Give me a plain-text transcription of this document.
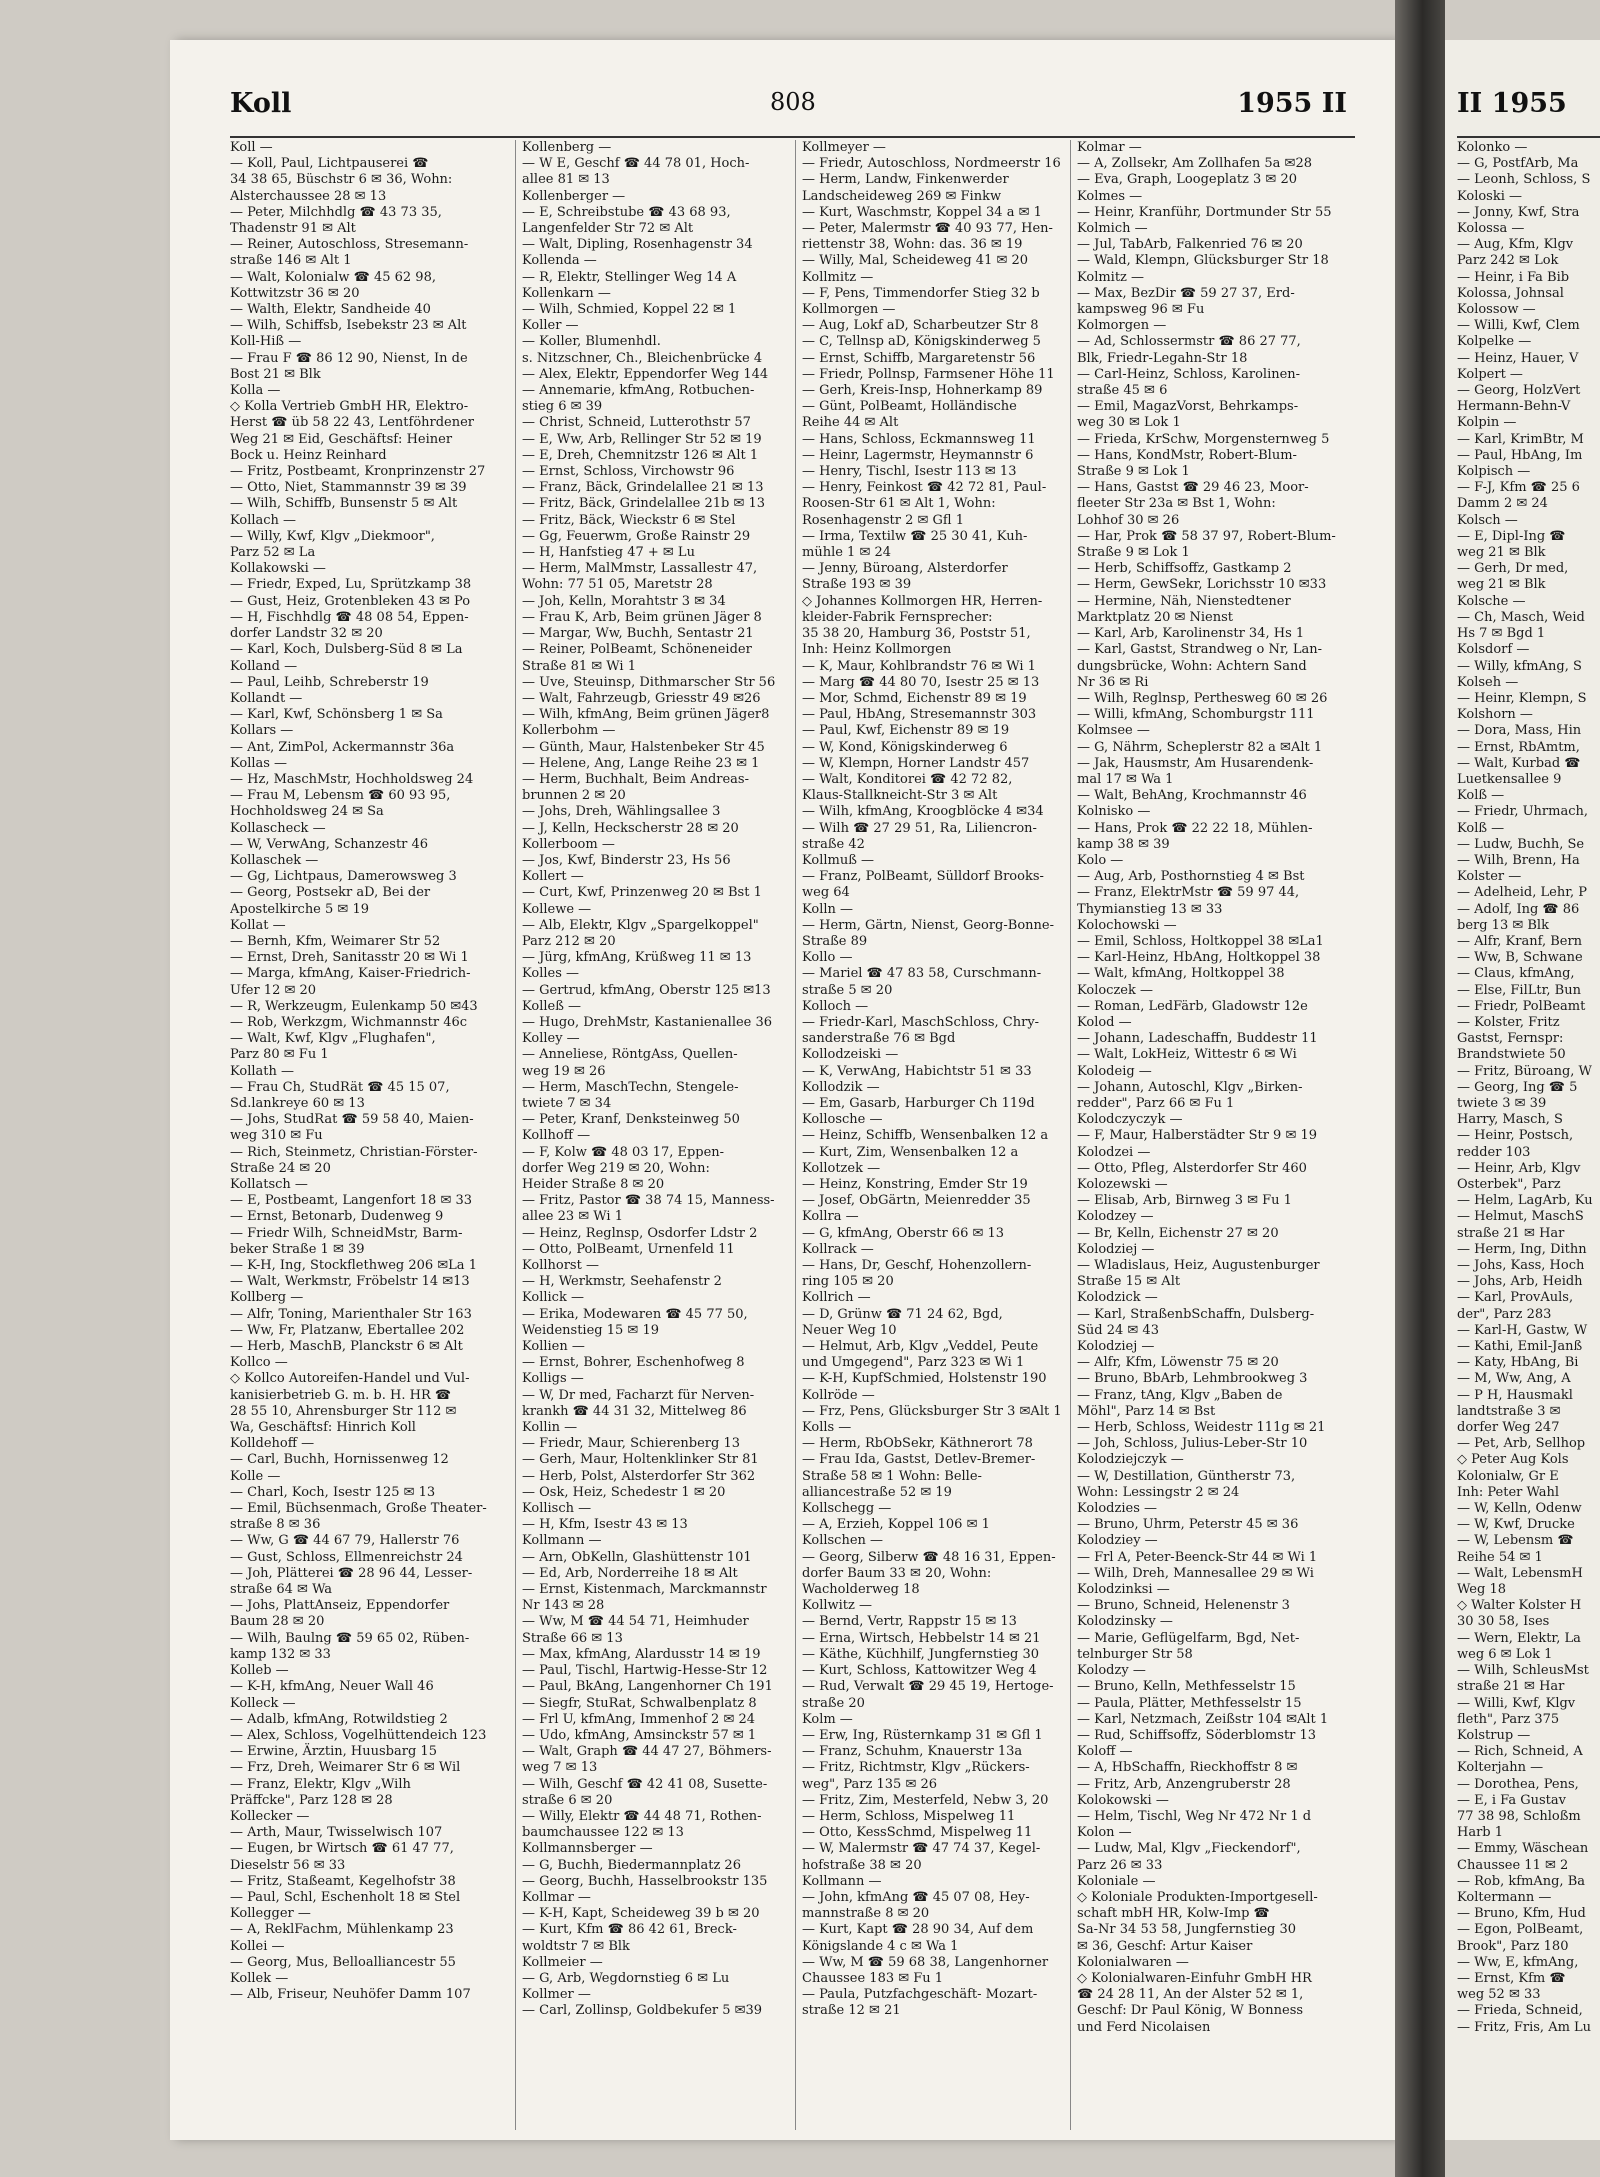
Koll	808	1955 II
Koll —
— Koll, Paul, Lichtpauserei ☎
34 38 65, Büschstr 6 ✉ 36, Wohn:
Alsterchaussee 28 ✉ 13
— Peter, Milchhdlg ☎ 43 73 35,
Thadenstr 91 ✉ Alt
— Reiner, Autoschloss, Stresemann-
straße 146 ✉ Alt 1
— Walt, Kolonialw ☎ 45 62 98,
Kottwitzstr 36 ✉ 20
— Walth, Elektr, Sandheide 40
— Wilh, Schiffsb, Isebekstr 23 ✉ Alt
Koll-Hiß —
— Frau F ☎ 86 12 90, Nienst, In de
Bost 21 ✉ Blk
Kolla —
◇ Kolla Vertrieb GmbH HR, Elektro-
Herst ☎ üb 58 22 43, Lentföhrdener
Weg 21 ✉ Eid, Geschäftsf: Heiner
Bock u. Heinz Reinhard
— Fritz, Postbeamt, Kronprinzenstr 27
— Otto, Niet, Stammannstr 39 ✉ 39
— Wilh, Schiffb, Bunsenstr 5 ✉ Alt
Kollach —
— Willy, Kwf, Klgv „Diekmoor",
Parz 52 ✉ La
Kollakowski —
— Friedr, Exped, Lu, Sprützkamp 38
— Gust, Heiz, Grotenbleken 43 ✉ Po
— H, Fischhdlg ☎ 48 08 54, Eppen-
dorfer Landstr 32 ✉ 20
— Karl, Koch, Dulsberg-Süd 8 ✉ La
Kolland —
— Paul, Leihb, Schreberstr 19
Kollandt —
— Karl, Kwf, Schönsberg 1 ✉ Sa
Kollars —
— Ant, ZimPol, Ackermannstr 36a
Kollas —
— Hz, MaschMstr, Hochholdsweg 24
— Frau M, Lebensm ☎ 60 93 95,
Hochholdsweg 24 ✉ Sa
Kollascheck —
— W, VerwAng, Schanzestr 46
Kollaschek —
— Gg, Lichtpaus, Damerowsweg 3
— Georg, Postsekr aD, Bei der
Apostelkirche 5 ✉ 19
Kollat —
— Bernh, Kfm, Weimarer Str 52
— Ernst, Dreh, Sanitasstr 20 ✉ Wi 1
— Marga, kfmAng, Kaiser-Friedrich-
Ufer 12 ✉ 20
— R, Werkzeugm, Eulenkamp 50 ✉43
— Rob, Werkzgm, Wichmannstr 46c
— Walt, Kwf, Klgv „Flughafen",
Parz 80 ✉ Fu 1
Kollath —
— Frau Ch, StudRät ☎ 45 15 07,
Sd.lankreye 60 ✉ 13
— Johs, StudRat ☎ 59 58 40, Maien-
weg 310 ✉ Fu
— Rich, Steinmetz, Christian-Förster-
Straße 24 ✉ 20
Kollatsch —
— E, Postbeamt, Langenfort 18 ✉ 33
— Ernst, Betonarb, Dudenweg 9
— Friedr Wilh, SchneidMstr, Barm-
beker Straße 1 ✉ 39
— K-H, Ing, Stockflethweg 206 ✉La 1
— Walt, Werkmstr, Fröbelstr 14 ✉13
Kollberg —
— Alfr, Toning, Marienthaler Str 163
— Ww, Fr, Platzanw, Ebertallee 202
— Herb, MaschB, Planckstr 6 ✉ Alt
Kollco —
◇ Kollco Autoreifen-Handel und Vul-
kanisierbetrieb G. m. b. H. HR ☎
28 55 10, Ahrensburger Str 112 ✉
Wa, Geschäftsf: Hinrich Koll
Kolldehoff —
— Carl, Buchh, Hornissenweg 12
Kolle —
— Charl, Koch, Isestr 125 ✉ 13
— Emil, Büchsenmach, Große Theater-
straße 8 ✉ 36
— Ww, G ☎ 44 67 79, Hallerstr 76
— Gust, Schloss, Ellmenreichstr 24
— Joh, Plätterei ☎ 28 96 44, Lesser-
straße 64 ✉ Wa
— Johs, PlattAnseiz, Eppendorfer
Baum 28 ✉ 20
— Wilh, Baulng ☎ 59 65 02, Rüben-
kamp 132 ✉ 33
Kolleb —
— K-H, kfmAng, Neuer Wall 46
Kolleck —
— Adalb, kfmAng, Rotwildstieg 2
— Alex, Schloss, Vogelhüttendeich 123
— Erwine, Ärztin, Huusbarg 15
— Frz, Dreh, Weimarer Str 6 ✉ Wil
— Franz, Elektr, Klgv „Wilh
Präffcke", Parz 128 ✉ 28
Kollecker —
— Arth, Maur, Twisselwisch 107
— Eugen, br Wirtsch ☎ 61 47 77,
Dieselstr 56 ✉ 33
— Fritz, Staßeamt, Kegelhofstr 38
— Paul, Schl, Eschenholt 18 ✉ Stel
Kollegger —
— A, ReklFachm, Mühlenkamp 23
Kollei —
— Georg, Mus, Belloalliancestr 55
Kollek —
— Alb, Friseur, Neuhöfer Damm 107
Kollenberg —
— W E, Geschf ☎ 44 78 01, Hoch-
allee 81 ✉ 13
Kollenberger —
— E, Schreibstube ☎ 43 68 93,
Langenfelder Str 72 ✉ Alt
— Walt, Dipling, Rosenhagenstr 34
Kollenda —
— R, Elektr, Stellinger Weg 14 A
Kollenkarn —
— Wilh, Schmied, Koppel 22 ✉ 1
Koller —
— Koller, Blumenhdl.
s. Nitzschner, Ch., Bleichenbrücke 4
— Alex, Elektr, Eppendorfer Weg 144
— Annemarie, kfmAng, Rotbuchen-
stieg 6 ✉ 39
— Christ, Schneid, Lutterothstr 57
— E, Ww, Arb, Rellinger Str 52 ✉ 19
— E, Dreh, Chemnitzstr 126 ✉ Alt 1
— Ernst, Schloss, Virchowstr 96
— Franz, Bäck, Grindelallee 21 ✉ 13
— Fritz, Bäck, Grindelallee 21b ✉ 13
— Fritz, Bäck, Wieckstr 6 ✉ Stel
— Gg, Feuerwm, Große Rainstr 29
— H, Hanfstieg 47 + ✉ Lu
— Herm, MalMmstr, Lassallestr 47,
Wohn: 77 51 05, Maretstr 28
— Joh, Kelln, Morahtstr 3 ✉ 34
— Frau K, Arb, Beim grünen Jäger 8
— Margar, Ww, Buchh, Sentastr 21
— Reiner, PolBeamt, Schöneneider
Straße 81 ✉ Wi 1
— Uve, Steuinsp, Dithmarscher Str 56
— Walt, Fahrzeugb, Griesstr 49 ✉26
— Wilh, kfmAng, Beim grünen Jäger8
Kollerbohm —
— Günth, Maur, Halstenbeker Str 45
— Helene, Ang, Lange Reihe 23 ✉ 1
— Herm, Buchhalt, Beim Andreas-
brunnen 2 ✉ 20
— Johs, Dreh, Wählingsallee 3
— J, Kelln, Heckscherstr 28 ✉ 20
Kollerboom —
— Jos, Kwf, Binderstr 23, Hs 56
Kollert —
— Curt, Kwf, Prinzenweg 20 ✉ Bst 1
Kollewe —
— Alb, Elektr, Klgv „Spargelkoppel"
Parz 212 ✉ 20
— Jürg, kfmAng, Krüßweg 11 ✉ 13
Kolles —
— Gertrud, kfmAng, Oberstr 125 ✉13
Kolleß —
— Hugo, DrehMstr, Kastanienallee 36
Kolley —
— Anneliese, RöntgAss, Quellen-
weg 19 ✉ 26
— Herm, MaschTechn, Stengele-
twiete 7 ✉ 34
— Peter, Kranf, Denksteinweg 50
Kollhoff —
— F, Kolw ☎ 48 03 17, Eppen-
dorfer Weg 219 ✉ 20, Wohn:
Heider Straße 8 ✉ 20
— Fritz, Pastor ☎ 38 74 15, Manness-
allee 23 ✉ Wi 1
— Heinz, Reglnsp, Osdorfer Ldstr 2
— Otto, PolBeamt, Urnenfeld 11
Kollhorst —
— H, Werkmstr, Seehafenstr 2
Kollick —
— Erika, Modewaren ☎ 45 77 50,
Weidenstieg 15 ✉ 19
Kollien —
— Ernst, Bohrer, Eschenhofweg 8
Kolligs —
— W, Dr med, Facharzt für Nerven-
krankh ☎ 44 31 32, Mittelweg 86
Kollin —
— Friedr, Maur, Schierenberg 13
— Gerh, Maur, Holtenklinker Str 81
— Herb, Polst, Alsterdorfer Str 362
— Osk, Heiz, Schedestr 1 ✉ 20
Kollisch —
— H, Kfm, Isestr 43 ✉ 13
Kollmann —
— Arn, ObKelln, Glashüttenstr 101
— Ed, Arb, Norderreihe 18 ✉ Alt
— Ernst, Kistenmach, Marckmannstr
Nr 143 ✉ 28
— Ww, M ☎ 44 54 71, Heimhuder
Straße 66 ✉ 13
— Max, kfmAng, Alardusstr 14 ✉ 19
— Paul, Tischl, Hartwig-Hesse-Str 12
— Paul, BkAng, Langenhorner Ch 191
— Siegfr, StuRat, Schwalbenplatz 8
— Frl U, kfmAng, Immenhof 2 ✉ 24
— Udo, kfmAng, Amsinckstr 57 ✉ 1
— Walt, Graph ☎ 44 47 27, Böhmers-
weg 7 ✉ 13
— Wilh, Geschf ☎ 42 41 08, Susette-
straße 6 ✉ 20
— Willy, Elektr ☎ 44 48 71, Rothen-
baumchaussee 122 ✉ 13
Kollmannsberger —
— G, Buchh, Biedermannplatz 26
— Georg, Buchh, Hasselbrookstr 135
Kollmar —
— K-H, Kapt, Scheideweg 39 b ✉ 20
— Kurt, Kfm ☎ 86 42 61, Breck-
woldtstr 7 ✉ Blk
Kollmeier —
— G, Arb, Wegdornstieg 6 ✉ Lu
Kollmer —
— Carl, Zollinsp, Goldbekufer 5 ✉39
Kollmeyer —
— Friedr, Autoschloss, Nordmeerstr 16
— Herm, Landw, Finkenwerder
Landscheideweg 269 ✉ Finkw
— Kurt, Waschmstr, Koppel 34 a ✉ 1
— Peter, Malermstr ☎ 40 93 77, Hen-
riettenstr 38, Wohn: das. 36 ✉ 19
— Willy, Mal, Scheideweg 41 ✉ 20
Kollmitz —
— F, Pens, Timmendorfer Stieg 32 b
Kollmorgen —
— Aug, Lokf aD, Scharbeutzer Str 8
— C, Tellnsp aD, Königskinderweg 5
— Ernst, Schiffb, Margaretenstr 56
— Friedr, Pollnsp, Farmsener Höhe 11
— Gerh, Kreis-Insp, Hohnerkamp 89
— Günt, PolBeamt, Holländische
Reihe 44 ✉ Alt
— Hans, Schloss, Eckmannsweg 11
— Heinr, Lagermstr, Heymannstr 6
— Henry, Tischl, Isestr 113 ✉ 13
— Henry, Feinkost ☎ 42 72 81, Paul-
Roosen-Str 61 ✉ Alt 1, Wohn:
Rosenhagenstr 2 ✉ Gfl 1
— Irma, Textilw ☎ 25 30 41, Kuh-
mühle 1 ✉ 24
— Jenny, Büroang, Alsterdorfer
Straße 193 ✉ 39
◇ Johannes Kollmorgen HR, Herren-
kleider-Fabrik Fernsprecher:
35 38 20, Hamburg 36, Poststr 51,
Inh: Heinz Kollmorgen
— K, Maur, Kohlbrandstr 76 ✉ Wi 1
— Marg ☎ 44 80 70, Isestr 25 ✉ 13
— Mor, Schmd, Eichenstr 89 ✉ 19
— Paul, HbAng, Stresemannstr 303
— Paul, Kwf, Eichenstr 89 ✉ 19
— W, Kond, Königskinderweg 6
— W, Klempn, Horner Landstr 457
— Walt, Konditorei ☎ 42 72 82,
Klaus-Stallkneicht-Str 3 ✉ Alt
— Wilh, kfmAng, Kroogblöcke 4 ✉34
— Wilh ☎ 27 29 51, Ra, Liliencron-
straße 42
Kollmuß —
— Franz, PolBeamt, Sülldorf Brooks-
weg 64
Kolln —
— Herm, Gärtn, Nienst, Georg-Bonne-
Straße 89
Kollo —
— Mariel ☎ 47 83 58, Curschmann-
straße 5 ✉ 20
Kolloch —
— Friedr-Karl, MaschSchloss, Chry-
sanderstraße 76 ✉ Bgd
Kollodzeiski —
— K, VerwAng, Habichtstr 51 ✉ 33
Kollodzik —
— Em, Gasarb, Harburger Ch 119d
Kollosche —
— Heinz, Schiffb, Wensenbalken 12 a
— Kurt, Zim, Wensenbalken 12 a
Kollotzek —
— Heinz, Konstring, Emder Str 19
— Josef, ObGärtn, Meienredder 35
Kollra —
— G, kfmAng, Oberstr 66 ✉ 13
Kollrack —
— Hans, Dr, Geschf, Hohenzollern-
ring 105 ✉ 20
Kollrich —
— D, Grünw ☎ 71 24 62, Bgd,
Neuer Weg 10
— Helmut, Arb, Klgv „Veddel, Peute
und Umgegend", Parz 323 ✉ Wi 1
— K-H, KupfSchmied, Holstenstr 190
Kollröde —
— Frz, Pens, Glücksburger Str 3 ✉Alt 1
Kolls —
— Herm, RbObSekr, Käthnerort 78
— Frau Ida, Gastst, Detlev-Bremer-
Straße 58 ✉ 1 Wohn: Belle-
alliancestraße 52 ✉ 19
Kollschegg —
— A, Erzieh, Koppel 106 ✉ 1
Kollschen —
— Georg, Silberw ☎ 48 16 31, Eppen-
dorfer Baum 33 ✉ 20, Wohn:
Wacholderweg 18
Kollwitz —
— Bernd, Vertr, Rappstr 15 ✉ 13
— Erna, Wirtsch, Hebbelstr 14 ✉ 21
— Käthe, Küchhilf, Jungfernstieg 30
— Kurt, Schloss, Kattowitzer Weg 4
— Rud, Verwalt ☎ 29 45 19, Hertoge-
straße 20
Kolm —
— Erw, Ing, Rüsternkamp 31 ✉ Gfl 1
— Franz, Schuhm, Knauerstr 13a
— Fritz, Richtmstr, Klgv „Rückers-
weg", Parz 135 ✉ 26
— Fritz, Zim, Mesterfeld, Nebw 3, 20
— Herm, Schloss, Mispelweg 11
— Otto, KessSchmd, Mispelweg 11
— W, Malermstr ☎ 47 74 37, Kegel-
hofstraße 38 ✉ 20
Kollmann —
— John, kfmAng ☎ 45 07 08, Hey-
mannstraße 8 ✉ 20
— Kurt, Kapt ☎ 28 90 34, Auf dem
Königslande 4 c ✉ Wa 1
— Ww, M ☎ 59 68 38, Langenhorner
Chaussee 183 ✉ Fu 1
— Paula, Putzfachgeschäft- Mozart-
straße 12 ✉ 21
Kolmar —
— A, Zollsekr, Am Zollhafen 5a ✉28
— Eva, Graph, Loogeplatz 3 ✉ 20
Kolmes —
— Heinr, Kranführ, Dortmunder Str 55
Kolmich —
— Jul, TabArb, Falkenried 76 ✉ 20
— Wald, Klempn, Glücksburger Str 18
Kolmitz —
— Max, BezDir ☎ 59 27 37, Erd-
kampsweg 96 ✉ Fu
Kolmorgen —
— Ad, Schlossermstr ☎ 86 27 77,
Blk, Friedr-Legahn-Str 18
— Carl-Heinz, Schloss, Karolinen-
straße 45 ✉ 6
— Emil, MagazVorst, Behrkamps-
weg 30 ✉ Lok 1
— Frieda, KrSchw, Morgensternweg 5
— Hans, KondMstr, Robert-Blum-
Straße 9 ✉ Lok 1
— Hans, Gastst ☎ 29 46 23, Moor-
fleeter Str 23a ✉ Bst 1, Wohn:
Lohhof 30 ✉ 26
— Har, Prok ☎ 58 37 97, Robert-Blum-
Straße 9 ✉ Lok 1
— Herb, Schiffsoffz, Gastkamp 2
— Herm, GewSekr, Lorichsstr 10 ✉33
— Hermine, Näh, Nienstedtener
Marktplatz 20 ✉ Nienst
— Karl, Arb, Karolinenstr 34, Hs 1
— Karl, Gastst, Strandweg o Nr, Lan-
dungsbrücke, Wohn: Achtern Sand
Nr 36 ✉ Ri
— Wilh, Reglnsp, Perthesweg 60 ✉ 26
— Willi, kfmAng, Schomburgstr 111
Kolmsee —
— G, Nährm, Scheplerstr 82 a ✉Alt 1
— Jak, Hausmstr, Am Husarendenk-
mal 17 ✉ Wa 1
— Walt, BehAng, Krochmannstr 46
Kolnisko —
— Hans, Prok ☎ 22 22 18, Mühlen-
kamp 38 ✉ 39
Kolo —
— Aug, Arb, Posthornstieg 4 ✉ Bst
— Franz, ElektrMstr ☎ 59 97 44,
Thymianstieg 13 ✉ 33
Kolochowski —
— Emil, Schloss, Holtkoppel 38 ✉La1
— Karl-Heinz, HbAng, Holtkoppel 38
— Walt, kfmAng, Holtkoppel 38
Koloczek —
— Roman, LedFärb, Gladowstr 12e
Kolod —
— Johann, Ladeschaffn, Buddestr 11
— Walt, LokHeiz, Wittestr 6 ✉ Wi
Kolodeig —
— Johann, Autoschl, Klgv „Birken-
redder", Parz 66 ✉ Fu 1
Kolodczyczyk —
— F, Maur, Halberstädter Str 9 ✉ 19
Kolodzei —
— Otto, Pfleg, Alsterdorfer Str 460
Kolozewski —
— Elisab, Arb, Birnweg 3 ✉ Fu 1
Kolodzey —
— Br, Kelln, Eichenstr 27 ✉ 20
Kolodziej —
— Wladislaus, Heiz, Augustenburger
Straße 15 ✉ Alt
Kolodzick —
— Karl, StraßenbSchaffn, Dulsberg-
Süd 24 ✉ 43
Kolodziej —
— Alfr, Kfm, Löwenstr 75 ✉ 20
— Bruno, BbArb, Lehmbrookweg 3
— Franz, tAng, Klgv „Baben de
Möhl", Parz 14 ✉ Bst
— Herb, Schloss, Weidestr 111g ✉ 21
— Joh, Schloss, Julius-Leber-Str 10
Kolodziejczyk —
— W, Destillation, Güntherstr 73,
Wohn: Lessingstr 2 ✉ 24
Kolodzies —
— Bruno, Uhrm, Peterstr 45 ✉ 36
Kolodziey —
— Frl A, Peter-Beenck-Str 44 ✉ Wi 1
— Wilh, Dreh, Mannesallee 29 ✉ Wi
Kolodzinksi —
— Bruno, Schneid, Helenenstr 3
Kolodzinsky —
— Marie, Geflügelfarm, Bgd, Net-
telnburger Str 58
Kolodzy —
— Bruno, Kelln, Methfesselstr 15
— Paula, Plätter, Methfesselstr 15
— Karl, Netzmach, Zeißstr 104 ✉Alt 1
— Rud, Schiffsoffz, Söderblomstr 13
Koloff —
— A, HbSchaffn, Rieckhoffstr 8 ✉
— Fritz, Arb, Anzengruberstr 28
Kolokowski —
— Helm, Tischl, Weg Nr 472 Nr 1 d
Kolon —
— Ludw, Mal, Klgv „Fieckendorf",
Parz 26 ✉ 33
Koloniale —
◇ Koloniale Produkten-Importgesell-
schaft mbH HR, Kolw-Imp ☎
Sa-Nr 34 53 58, Jungfernstieg 30
✉ 36, Geschf: Artur Kaiser
Kolonialwaren —
◇ Kolonialwaren-Einfuhr GmbH HR
☎ 24 28 11, An der Alster 52 ✉ 1,
Geschf: Dr Paul König, W Bonness
und Ferd Nicolaisen
II 1955
Kolonko —
— G, PostfArb, Ma
— Leonh, Schloss, S
Koloski —
— Jonny, Kwf, Stra
Kolossa —
— Aug, Kfm, Klgv
Parz 242 ✉ Lok
— Heinr, i Fa Bib
Kolossa, Johnsal
Kolossow —
— Willi, Kwf, Clem
Kolpelke —
— Heinz, Hauer, V
Kolpert —
— Georg, HolzVert
Hermann-Behn-V
Kolpin —
— Karl, KrimBtr, M
— Paul, HbAng, Im
Kolpisch —
— F-J, Kfm ☎ 25 6
Damm 2 ✉ 24
Kolsch —
— E, Dipl-Ing ☎
weg 21 ✉ Blk
— Gerh, Dr med,
weg 21 ✉ Blk
Kolsche —
— Ch, Masch, Weid
Hs 7 ✉ Bgd 1
Kolsdorf —
— Willy, kfmAng, S
Kolseh —
— Heinr, Klempn, S
Kolshorn —
— Dora, Mass, Hin
— Ernst, RbAmtm,
— Walt, Kurbad ☎
Luetkensallee 9
Kolß —
— Friedr, Uhrmach,
Kolß —
— Ludw, Buchh, Se
— Wilh, Brenn, Ha
Kolster —
— Adelheid, Lehr, P
— Adolf, Ing ☎ 86
berg 13 ✉ Blk
— Alfr, Kranf, Bern
— Ww, B, Schwane
— Claus, kfmAng,
— Else, FilLtr, Bun
— Friedr, PolBeamt
— Kolster, Fritz
Gastst, Fernspr:
Brandstwiete 50
— Fritz, Büroang, W
— Georg, Ing ☎ 5
twiete 3 ✉ 39
Harry, Masch, S
— Heinr, Postsch,
redder 103
— Heinr, Arb, Klgv
Osterbek", Parz
— Helm, LagArb, Ku
— Helmut, MaschS
straße 21 ✉ Har
— Herm, Ing, Dithn
— Johs, Kass, Hoch
— Johs, Arb, Heidh
— Karl, ProvAuls,
der", Parz 283
— Karl-H, Gastw, W
— Kathi, Emil-Janß
— Katy, HbAng, Bi
— M, Ww, Ang, A
— P H, Hausmakl
landtstraße 3 ✉
dorfer Weg 247
— Pet, Arb, Sellhop
◇ Peter Aug Kols
Kolonialw, Gr E
Inh: Peter Wahl
— W, Kelln, Odenw
— W, Kwf, Drucke
— W, Lebensm ☎
Reihe 54 ✉ 1
— Walt, LebensmH
Weg 18
◇ Walter Kolster H
30 30 58, Ises
— Wern, Elektr, La
weg 6 ✉ Lok 1
— Wilh, SchleusMst
straße 21 ✉ Har
— Willi, Kwf, Klgv
fleth", Parz 375
Kolstrup —
— Rich, Schneid, A
Kolterjahn —
— Dorothea, Pens,
— E, i Fa Gustav
77 38 98, Schloßm
Harb 1
— Emmy, Wäschean
Chaussee 11 ✉ 2
— Rob, kfmAng, Ba
Koltermann —
— Bruno, Kfm, Hud
— Egon, PolBeamt,
Brook", Parz 180
— Ww, E, kfmAng,
— Ernst, Kfm ☎
weg 52 ✉ 33
— Frieda, Schneid,
— Fritz, Fris, Am Lu
